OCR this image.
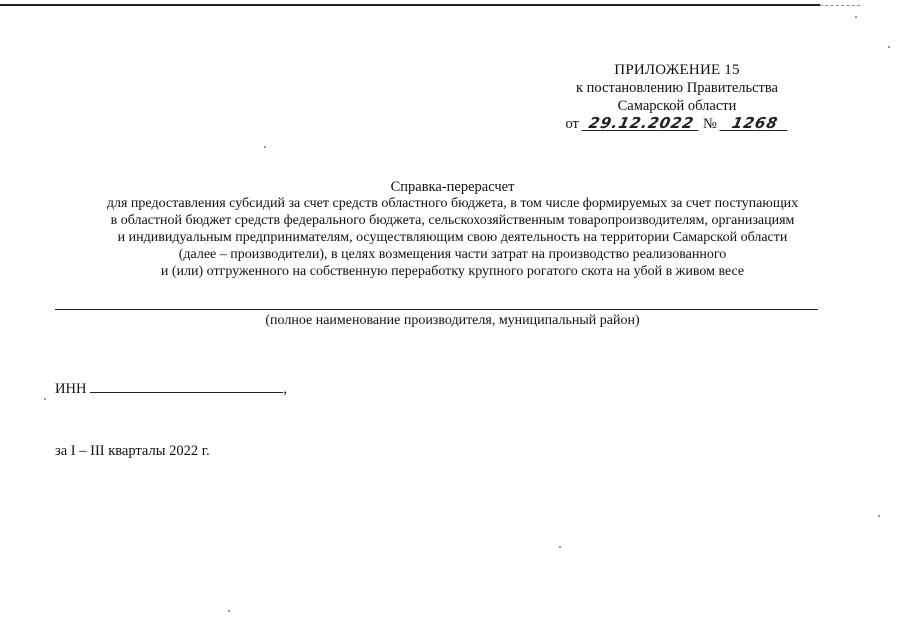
ПРИЛОЖЕНИЕ 15
к постановлению Правительства
Самарской области
от 29.12.2022 № 1268
Справка-перерасчет
для предоставления субсидий за счет средств областного бюджета, в том числе формируемых за счет поступающих
в областной бюджет средств федерального бюджета, сельскохозяйственным товаропроизводителям, организациям
и индивидуальным предпринимателям, осуществляющим свою деятельность на территории Самарской области
(далее – производители), в целях возмещения части затрат на производство реализованного
и (или) отгруженного на собственную переработку крупного рогатого скота на убой в живом весе
(полное наименование производителя, муниципальный район)
ИНН	,
за I – III кварталы 2022 г.
